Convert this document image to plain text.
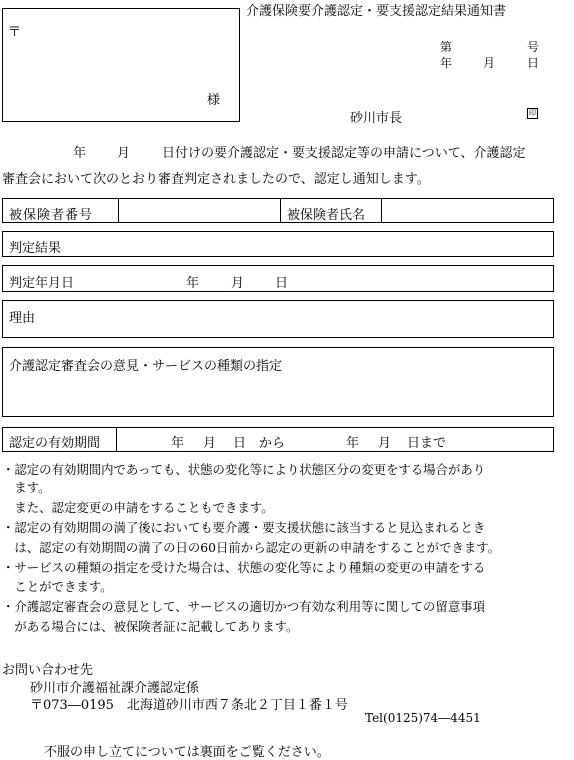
〒
様
介護保険要介護認定・要支援認定結果通知書
第	号
年	月	日
砂川市長	印
年 月 日付けの要介護認定・要支援認定等の申請について、介護認定
審査会において次のとおり審査判定されましたので、認定し通知します。
被保険者番号	被保険者氏名
判定結果
判定年月日	年 月 日
理由
介護認定審査会の意見・サービスの種類の指定
認定の有効期間	年 月 日　から	年 月 日まで
・認定の有効期間内であっても、状態の変化等により状態区分の変更をする場合があり
　ます。
　また、認定変更の申請をすることもできます。
・認定の有効期間の満了後においても要介護・要支援状態に該当すると見込まれるとき
　は、認定の有効期間の満了の日の60日前から認定の更新の申請をすることができます。
・サービスの種類の指定を受けた場合は、状態の変化等により種類の変更の申請をする
　ことができます。
・介護認定審査会の意見として、サービスの適切かつ有効な利用等に関しての留意事項
　がある場合には、被保険者証に記載してあります。
お問い合わせ先
砂川市介護福祉課介護認定係
〒073―0195　北海道砂川市西７条北２丁目１番１号
Tel(0125)74―4451
不服の申し立てについては裏面をご覧ください。
